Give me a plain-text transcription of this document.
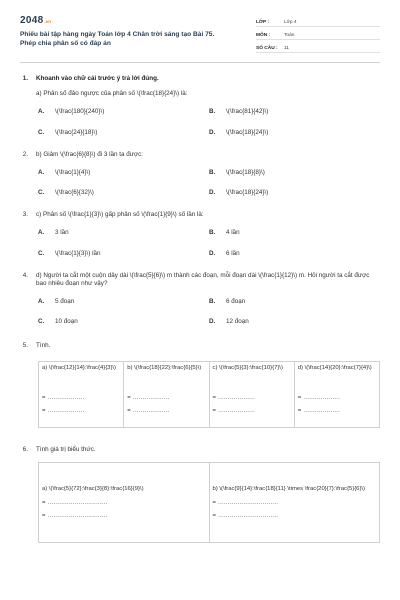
2048 .vn
Phiếu bài tập hàng ngày Toán lớp 4 Chân trời sáng tạo Bài 75. Phép chia phân số có đáp án
LỚP :	Lớp 4
MÔN :	Toán
SỐ CÂU :	11
1. Khoanh vào chữ cái trước ý trả lời đúng.
a) Phân số đảo ngược của phân số \(\frac{18}{24}\) là:
A. \(\frac{180}{240}\)	B. \(\frac{81}{42}\)
C. \(\frac{24}{18}\)	D. \(\frac{18}{24}\)
2. b) Giảm \(\frac{6}{8}\) đi 3 lần ta được:
A. \(\frac{1}{4}\)	B. \(\frac{18}{8}\)
C. \(\frac{6}{32}\)	D. \(\frac{18}{24}\)
3. c) Phân số \(\frac{1}{3}\) gấp phân số \(\frac{1}{9}\) số lần là:
A. 3 lần	B. 4 lần
C. \(\frac{1}{3}\) lần	D. 6 lần
4. d) Người ta cắt một cuộn dây dài \(\frac{5}{6}\) m thành các đoạn, mỗi đoạn dài \(\frac{1}{12}\) m. Hỏi người ta cắt được bao nhiêu đoạn như vậy?
A. 5 đoạn	B. 6 đoạn
C. 10 đoạn	D. 12 đoạn
5. Tính.
a) \(\frac{12}{14}:\frac{4}{3}\)
= ...................
= ...................

b) \(\frac{18}{22}:\frac{6}{5}\)
= ...................
= ...................

c) \(\frac{5}{3}:\frac{10}{7}\)
= ...................
= ...................

d) \(\frac{14}{20}:\frac{7}{4}\)
= ...................
= ...................
6. Tính giá trị biểu thức.
a) \(\frac{5}{72}:\frac{3}{8}:\frac{16}{9}\)
= ...............................
= ...............................

b) \(\frac{9}{14}:\frac{18}{11} \times \frac{20}{7}:\frac{5}{6}\)
= ...............................
= ...............................
